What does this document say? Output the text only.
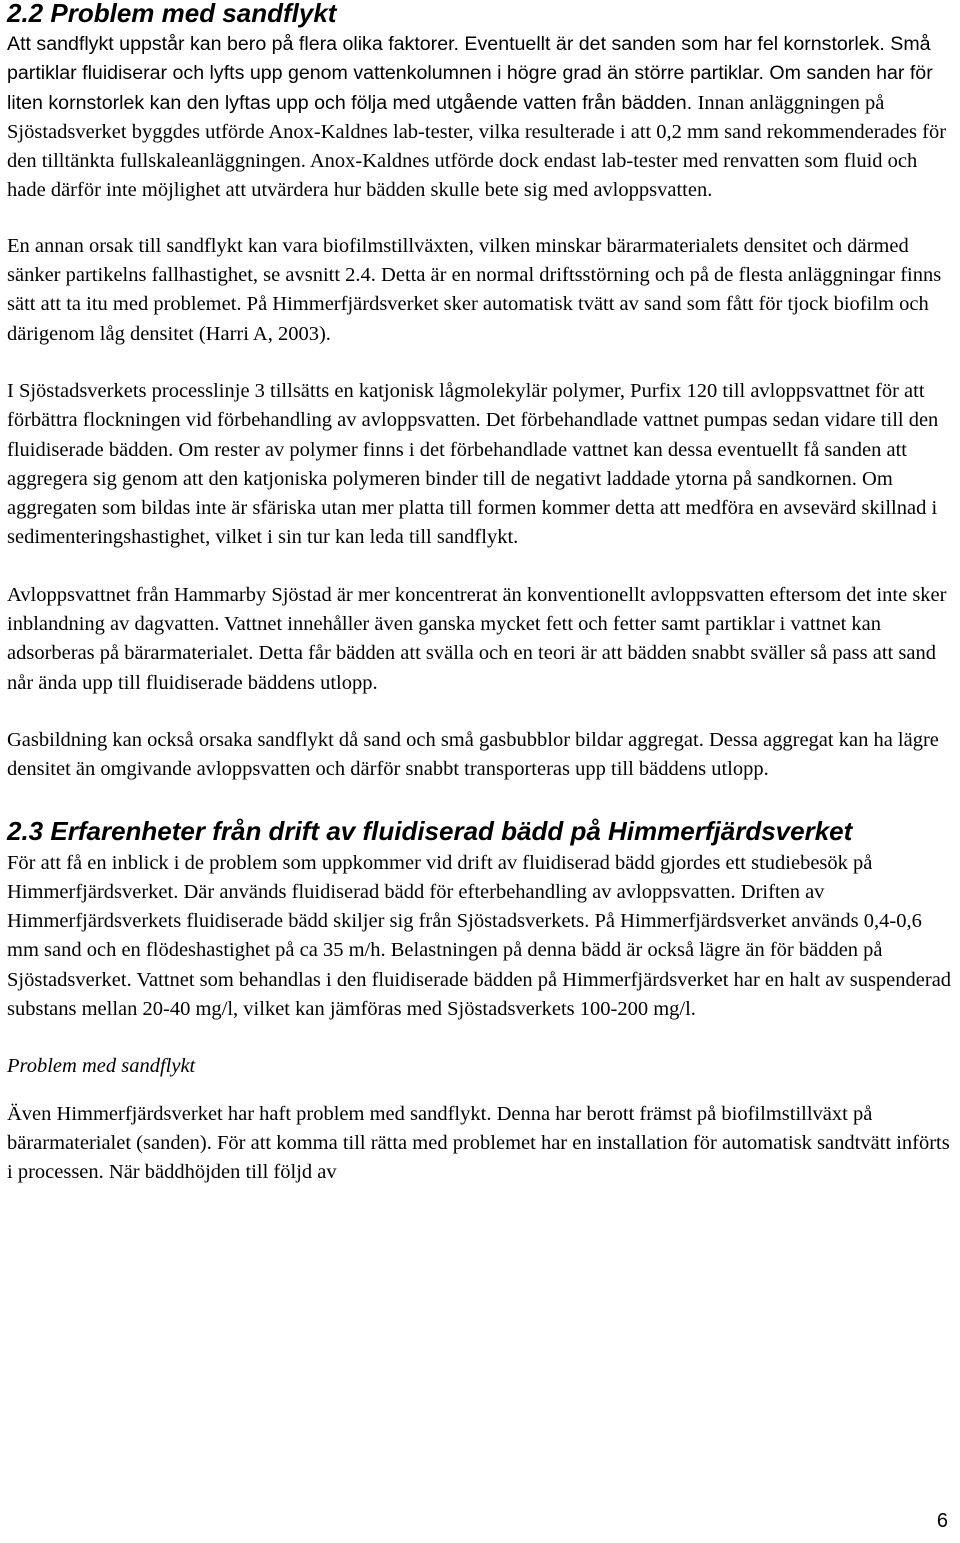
2.2 Problem med sandflykt

Att sandflykt uppstår kan bero på flera olika faktorer. Eventuellt är det sanden som har fel kornstorlek. Små partiklar fluidiserar och lyfts upp genom vattenkolumnen i högre grad än större partiklar. Om sanden har för liten kornstorlek kan den lyftas upp och följa med utgående vatten från bädden. Innan anläggningen på Sjöstadsverket byggdes utförde Anox-Kaldnes lab-tester, vilka resulterade i att 0,2 mm sand rekommenderades för den tilltänkta fullskaleanläggningen. Anox-Kaldnes utförde dock endast lab-tester med renvatten som fluid och hade därför inte möjlighet att utvärdera hur bädden skulle bete sig med avloppsvatten.

En annan orsak till sandflykt kan vara biofilmstillväxten, vilken minskar bärarmaterialets densitet och därmed sänker partikelns fallhastighet, se avsnitt 2.4. Detta är en normal driftsstörning och på de flesta anläggningar finns sätt att ta itu med problemet. På Himmerfjärdsverket sker automatisk tvätt av sand som fått för tjock biofilm och därigenom låg densitet (Harri A, 2003).

I Sjöstadsverkets processlinje 3 tillsätts en katjonisk lågmolekylär polymer, Purfix 120 till avloppsvattnet för att förbättra flockningen vid förbehandling av avloppsvatten. Det förbehandlade vattnet pumpas sedan vidare till den fluidiserade bädden. Om rester av polymer finns i det förbehandlade vattnet kan dessa eventuellt få sanden att aggregera sig genom att den katjoniska polymeren binder till de negativt laddade ytorna på sandkornen. Om aggregaten som bildas inte är sfäriska utan mer platta till formen kommer detta att medföra en avsevärd skillnad i sedimenteringshastighet, vilket i sin tur kan leda till sandflykt.

Avloppsvattnet från Hammarby Sjöstad är mer koncentrerat än konventionellt avloppsvatten eftersom det inte sker inblandning av dagvatten. Vattnet innehåller även ganska mycket fett och fetter samt partiklar i vattnet kan adsorberas på bärarmaterialet. Detta får bädden att svälla och en teori är att bädden snabbt sväller så pass att sand når ända upp till fluidiserade bäddens utlopp.

Gasbildning kan också orsaka sandflykt då sand och små gasbubblor bildar aggregat. Dessa aggregat kan ha lägre densitet än omgivande avloppsvatten och därför snabbt transporteras upp till bäddens utlopp.

2.3 Erfarenheter från drift av fluidiserad bädd på Himmerfjärdsverket

För att få en inblick i de problem som uppkommer vid drift av fluidiserad bädd gjordes ett studiebesök på Himmerfjärdsverket. Där används fluidiserad bädd för efterbehandling av avloppsvatten. Driften av Himmerfjärdsverkets fluidiserade bädd skiljer sig från Sjöstadsverkets. På Himmerfjärdsverket används 0,4-0,6 mm sand och en flödeshastighet på ca 35 m/h. Belastningen på denna bädd är också lägre än för bädden på Sjöstadsverket. Vattnet som behandlas i den fluidiserade bädden på Himmerfjärdsverket har en halt av suspenderad substans mellan 20-40 mg/l, vilket kan jämföras med Sjöstadsverkets 100-200 mg/l.

Problem med sandflykt

Även Himmerfjärdsverket har haft problem med sandflykt. Denna har berott främst på biofilmstillväxt på bärarmaterialet (sanden). För att komma till rätta med problemet har en installation för automatisk sandtvätt införts i processen. När bäddhöjden till följd av

6
